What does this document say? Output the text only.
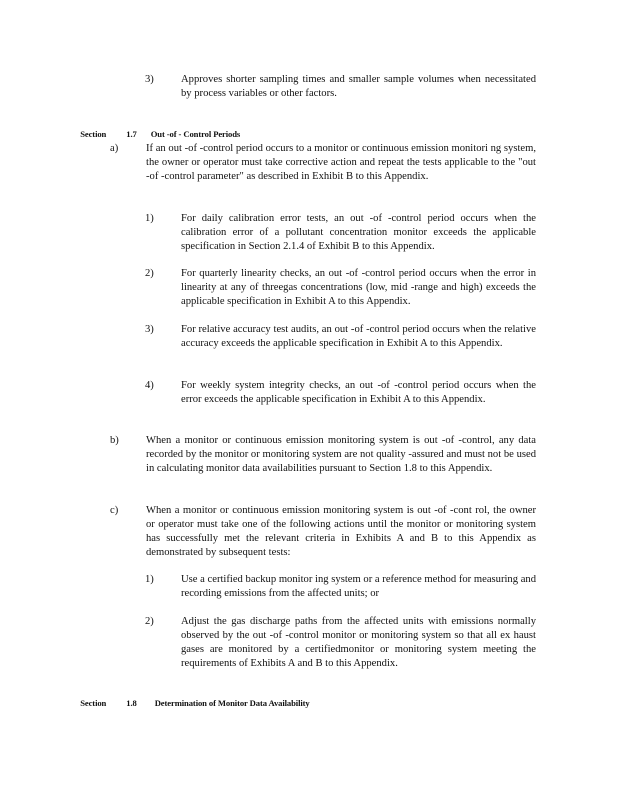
3)	Approves shorter sampling times and smaller sample volumes when necessitated by process variables or other factors.

Section 1.7 Out -of - Control Periods

a)	If an out -of -control period occurs to a monitor or continuous emission monitori ng system, the owner or operator must take corrective action and repeat the tests applicable to the "out -of -control parameter" as described in Exhibit B to this Appendix.
1)	For daily calibration error tests, an out -of -control period occurs when the calibration error of a pollutant concentration monitor exceeds the applicable specification in Section 2.1.4 of Exhibit B to this Appendix.
2)	For quarterly linearity checks, an out -of -control period occurs when the error in linearity at any of threegas concentrations (low, mid -range and high) exceeds the applicable specification in Exhibit A to this Appendix.
3)	For relative accuracy test audits, an out -of -control period occurs when the relative accuracy exceeds the applicable specification in Exhibit A to this Appendix.
4)	For weekly system integrity checks, an out -of -control period occurs when the error exceeds the applicable specification in Exhibit A to this Appendix.
b)	When a monitor or continuous emission monitoring system is out -of -control, any data recorded by the monitor or monitoring system are not quality -assured and must not be used in calculating monitor data availabilities pursuant to Section 1.8 to this Appendix.
c)	When a monitor or continuous emission monitoring system is out -of -cont rol, the owner or operator must take one of the following actions until the monitor or monitoring system has successfully met the relevant criteria in Exhibits A and B to this Appendix as demonstrated by subsequent tests:
1)	Use a certified backup monitor ing system or a reference method for measuring and recording emissions from the affected units; or
2)	Adjust the gas discharge paths from the affected units with emissions normally observed by the out -of -control monitor or monitoring system so that all ex haust gases are monitored by a certifiedmonitor or monitoring system meeting the requirements of Exhibits A and B to this Appendix.

Section 1.8 Determination of Monitor Data Availability
